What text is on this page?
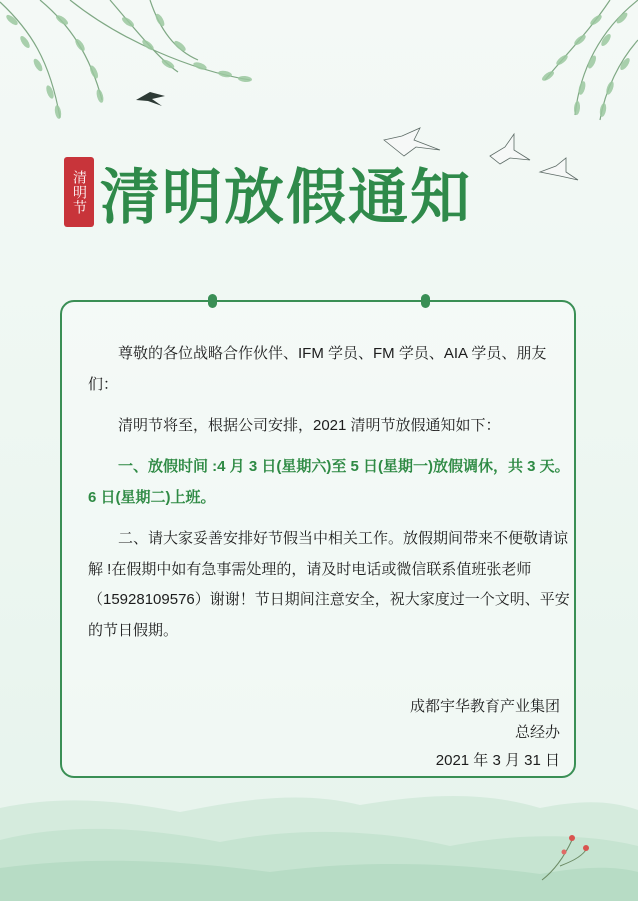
清明节 清明放假通知

尊敬的各位战略合作伙伴、IFM 学员、FM 学员、AIA 学员、朋友们：

清明节将至，根据公司安排，2021 清明节放假通知如下：

一、放假时间 :4 月 3 日(星期六)至 5 日(星期一)放假调休，共 3 天。6 日(星期二)上班。

二、请大家妥善安排好节假当中相关工作。放假期间带来不便敬请谅解 !在假期中如有急事需处理的，请及时电话或微信联系值班张老师（15928109576）谢谢！节日期间注意安全，祝大家度过一个文明、平安的节日假期。

成都宇华教育产业集团

总经办

2021 年 3 月 31 日
